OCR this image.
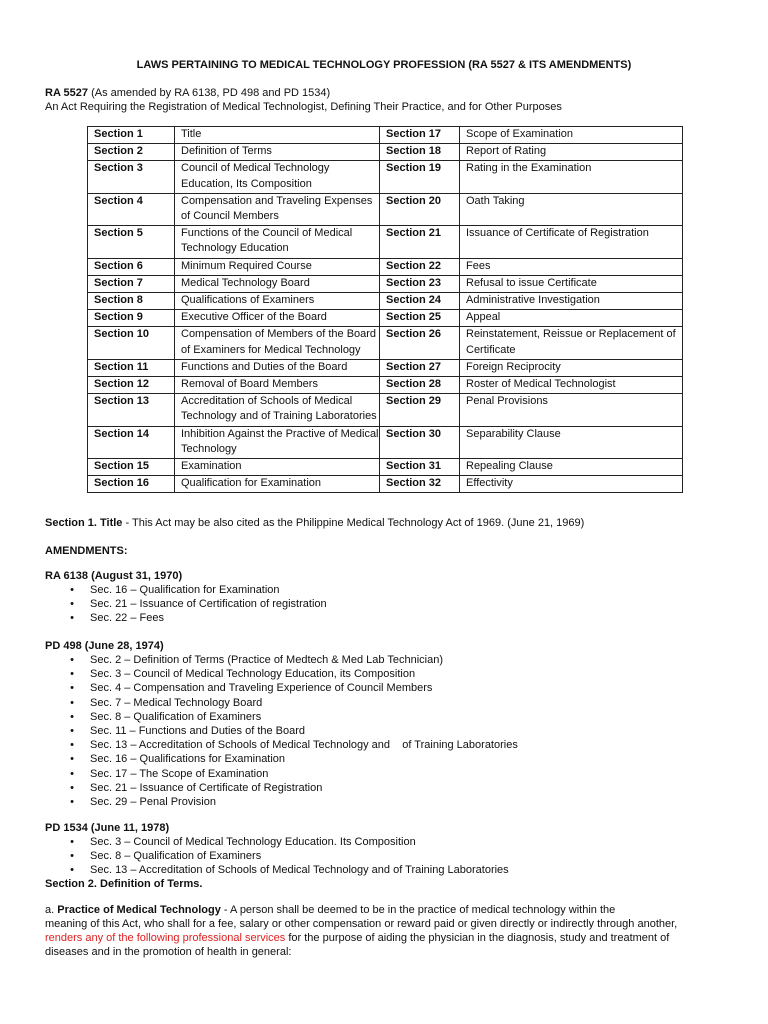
LAWS PERTAINING TO MEDICAL TECHNOLOGY PROFESSION (RA 5527 & ITS AMENDMENTS)
RA 5527 (As amended by RA 6138, PD 498 and PD 1534)
An Act Requiring the Registration of Medical Technologist, Defining Their Practice, and for Other Purposes
Section 1	Title	Section 17	Scope of Examination
Section 2	Definition of Terms	Section 18	Report of Rating
Section 3	Council of Medical Technology Education, Its Composition	Section 19	Rating in the Examination
Section 4	Compensation and Traveling Expenses of Council Members	Section 20	Oath Taking
Section 5	Functions of the Council of Medical Technology Education	Section 21	Issuance of Certificate of Registration
Section 6	Minimum Required Course	Section 22	Fees
Section 7	Medical Technology Board	Section 23	Refusal to issue Certificate
Section 8	Qualifications of Examiners	Section 24	Administrative Investigation
Section 9	Executive Officer of the Board	Section 25	Appeal
Section 10	Compensation of Members of the Board of Examiners for Medical Technology	Section 26	Reinstatement, Reissue or Replacement of Certificate
Section 11	Functions and Duties of the Board	Section 27	Foreign Reciprocity
Section 12	Removal of Board Members	Section 28	Roster of Medical Technologist
Section 13	Accreditation of Schools of Medical Technology and of Training Laboratories	Section 29	Penal Provisions
Section 14	Inhibition Against the Practive of Medical Technology	Section 30	Separability Clause
Section 15	Examination	Section 31	Repealing Clause
Section 16	Qualification for Examination	Section 32	Effectivity
Section 1. Title - This Act may be also cited as the Philippine Medical Technology Act of 1969. (June 21, 1969)
AMENDMENTS:
RA 6138 (August 31, 1970)
• Sec. 16 – Qualification for Examination
• Sec. 21 – Issuance of Certification of registration
• Sec. 22 – Fees
PD 498 (June 28, 1974)
• Sec. 2 – Definition of Terms (Practice of Medtech & Med Lab Technician)
• Sec. 3 – Council of Medical Technology Education, its Composition
• Sec. 4 – Compensation and Traveling Experience of Council Members
• Sec. 7 – Medical Technology Board
• Sec. 8 – Qualification of Examiners
• Sec. 11 – Functions and Duties of the Board
• Sec. 13 – Accreditation of Schools of Medical Technology and    of Training Laboratories
• Sec. 16 – Qualifications for Examination
• Sec. 17 – The Scope of Examination
• Sec. 21 – Issuance of Certificate of Registration
• Sec. 29 – Penal Provision
PD 1534 (June 11, 1978)
• Sec. 3 – Council of Medical Technology Education. Its Composition
• Sec. 8 – Qualification of Examiners
• Sec. 13 – Accreditation of Schools of Medical Technology and of Training Laboratories
Section 2. Definition of Terms.
a. Practice of Medical Technology - A person shall be deemed to be in the practice of medical technology within the
meaning of this Act, who shall for a fee, salary or other compensation or reward paid or given directly or indirectly through another,
renders any of the following professional services for the purpose of aiding the physician in the diagnosis, study and treatment of
diseases and in the promotion of health in general:
